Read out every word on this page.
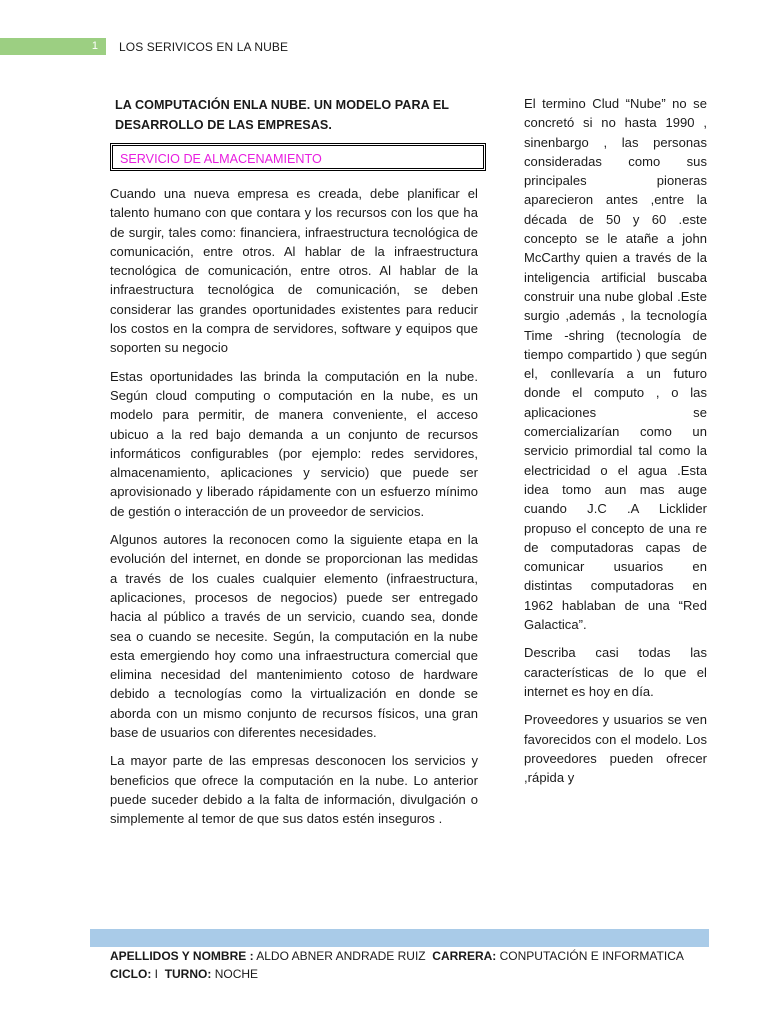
1	LOS SERIVICOS EN LA NUBE
LA COMPUTACIÓN ENLA NUBE. UN MODELO PARA EL DESARROLLO DE LAS EMPRESAS.
SERVICIO DE ALMACENAMIENTO

Cuando una nueva empresa es creada, debe planificar el talento humano con que contara y los recursos con los que ha de surgir, tales como: financiera, infraestructura tecnológica de comunicación, entre otros. Al hablar de la infraestructura tecnológica de comunicación, entre otros. Al hablar de la infraestructura tecnológica de comunicación, se deben considerar las grandes oportunidades existentes para reducir los costos en la compra de servidores, software y equipos que soporten su negocio

Estas oportunidades las brinda la computación en la nube. Según cloud computing o computación en la nube, es un modelo para permitir, de manera conveniente, el acceso ubicuo a la red bajo demanda a un conjunto de recursos informáticos configurables (por ejemplo: redes servidores, almacenamiento, aplicaciones y servicio) que puede ser aprovisionado y liberado rápidamente con un esfuerzo mínimo de gestión o interacción de un proveedor de servicios.

Algunos autores la reconocen como la siguiente etapa en la evolución del internet, en donde se proporcionan las medidas a través de los cuales cualquier elemento (infraestructura, aplicaciones, procesos de negocios) puede ser entregado hacia al público a través de un servicio, cuando sea, donde sea o cuando se necesite. Según, la computación en la nube esta emergiendo hoy como una infraestructura comercial que elimina necesidad del mantenimiento cotoso de hardware debido a tecnologías como la virtualización en donde se aborda con un mismo conjunto de recursos físicos, una gran base de usuarios con diferentes necesidades.

La mayor parte de las empresas desconocen los servicios y beneficios que ofrece la computación en la nube. Lo anterior puede suceder debido a la falta de información, divulgación o simplemente al temor de que sus datos estén inseguros .

El termino Clud “Nube” no se concretó si no hasta 1990 , sinenbargo , las personas consideradas como sus principales pioneras aparecieron antes ,entre la década de 50 y 60 .este concepto se le atañe a john McCarthy quien a través de la inteligencia artificial buscaba construir una nube global .Este surgio ,además , la tecnología Time -shring (tecnología de tiempo compartido ) que según el, conllevaría a un futuro donde el computo , o las aplicaciones se comercializarían como un servicio primordial tal como la electricidad o el agua .Esta idea tomo aun mas auge cuando J.C .A Licklider propuso el concepto de una re de computadoras capas de comunicar usuarios en distintas computadoras en 1962 hablaban de una “Red Galactica”.

Describa casi todas las características de lo que el internet es hoy en día.

Proveedores y usuarios se ven favorecidos con el modelo. Los proveedores pueden ofrecer ,rápida y

APELLIDOS Y NOMBRE : ALDO ABNER ANDRADE RUIZ CARRERA: CONPUTACIÓN E INFORMATICA
CICLO: I TURNO: NOCHE
